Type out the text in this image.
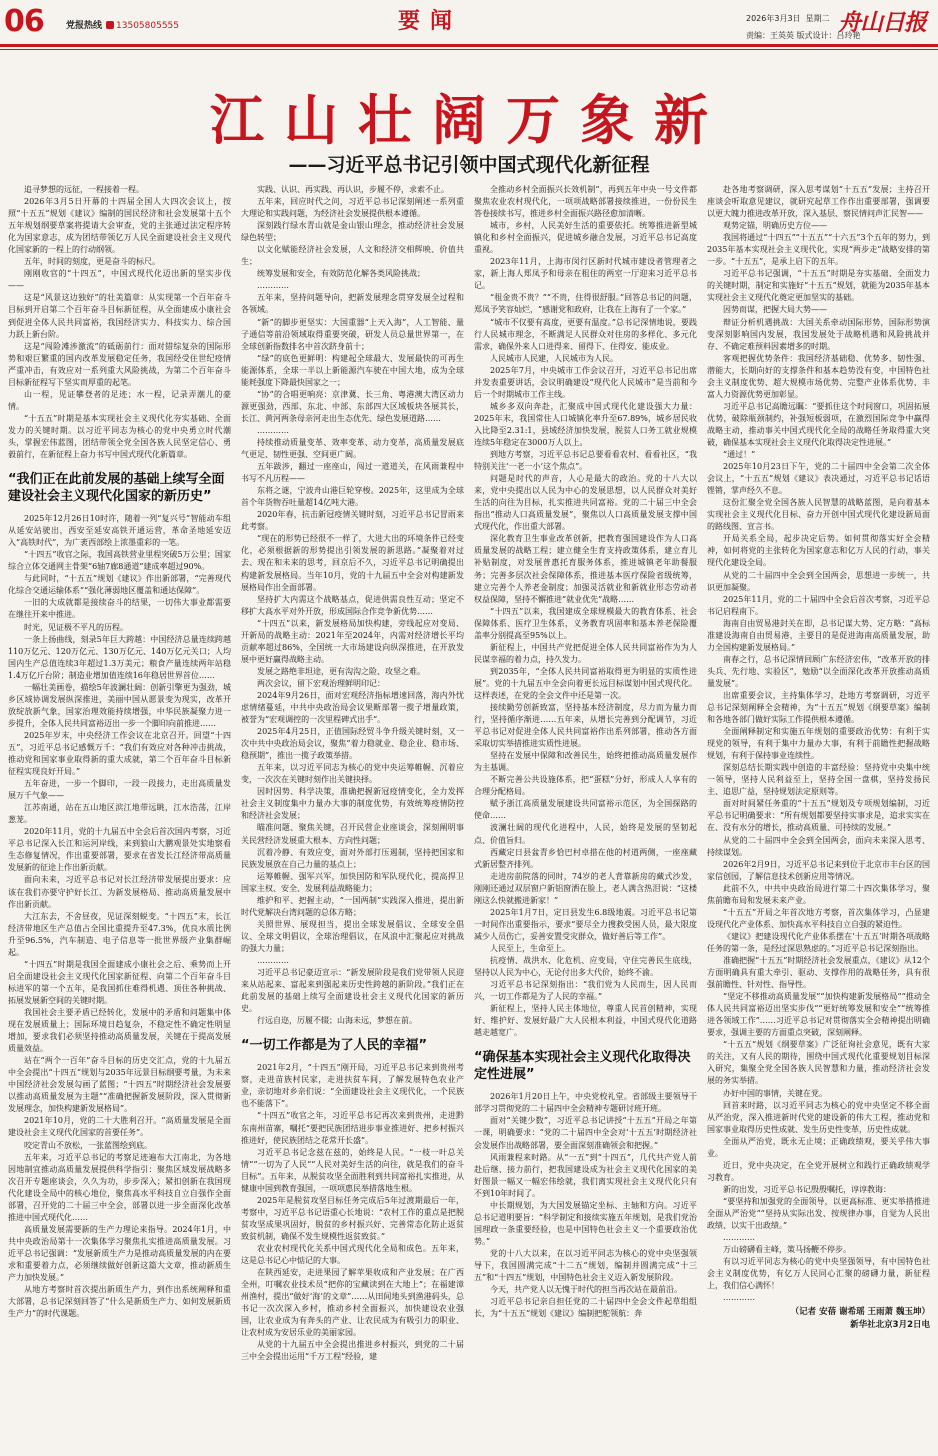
06 党报热线 13505805555	要闻	2026年3月3日 星期二
责编：王英英 版式设计：吕玲艳
舟山日报
江山壮阔万象新
——习近平总书记引领中国式现代化新征程

追寻梦想的远征，一程接着一程。

2026年3月5日开幕的十四届全国人大四次会议上，按照“十五五”规划《建议》编制的国民经济和社会发展第十五个五年规划纲要草案将提请大会审查，党的主张通过法定程序转化为国家意志，成为团结带领亿万人民全面建设社会主义现代化国家新的一程上的行动纲领。

五年，时间的刻度，更是奋斗的标尺。

刚刚收官的“十四五”，中国式现代化迈出新的坚实步伐——

这是“风景这边独好”的壮美篇章：从实现第一个百年奋斗目标到开启第二个百年奋斗目标新征程，从全面建成小康社会到促进全体人民共同富裕，我国经济实力、科技实力、综合国力跃上新台阶。

这是“闯险滩涉激流”的砥砺前行：面对错综复杂的国际形势和艰巨繁重的国内改革发展稳定任务，我国经受住世纪疫情严重冲击，有效应对一系列重大风险挑战，为第二个百年奋斗目标新征程写下坚实而厚重的起笔。

山一程，见证攀登者的足迹；水一程，记录弄潮儿的豪情。

“十五五”时期是基本实现社会主义现代化夯实基础、全面发力的关键时期。以习近平同志为核心的党中央勇立时代潮头，掌握宏伟蓝图，团结带领全党全国各族人民坚定信心、勇毅前行，在新征程上奋力书写中国式现代化新篇章。

“我们正在此前发展的基础上续写全面建设社会主义现代化国家的新历史”

2025年12月26日10时许，随着一列“复兴号”智能动车组从延安站驶出，西安至延安高铁开通运营，革命圣地延安迈入“高铁时代”，为广袤西部绘上浓墨重彩的一笔。

“十四五”收官之际，我国高铁营业里程突破5万公里；国家综合立体交通网主骨架“6轴7廊8通道”建成率超过90%。

与此同时，“十五五”规划《建议》作出新部署，“完善现代化综合交通运输体系”“强化薄弱地区覆盖和通达保障”。

一旧的大成就都是接续奋斗的结果，一切伟大事业都需要在继往开来中推进。

时光，见证极不平凡的历程。

一条上扬曲线，刻录5年巨大跨越：中国经济总量连续跨越110万亿元、120万亿元、130万亿元、140万亿元关口；人均国内生产总值连续3年超过1.3万美元；粮食产量连续两年站稳1.4万亿斤台阶；制造业增加值连续16年稳居世界首位……

一幅壮美画卷，描绘5年波澜壮阔：创新引擎更为强劲，城乡区域协调发展纵深推进，美丽中国从愿景变为现实，改革开放绽放新气象，国家治理效能持续增强，中华民族凝聚力进一步提升，全体人民共同富裕迈出一步一个脚印向前推进……

2025年岁末，中央经济工作会议在北京召开。回望“十四五”，习近平总书记感慨万千：“我们有效应对各种冲击挑战，推动党和国家事业取得新的重大成就，第二个百年奋斗目标新征程实现良好开局。”

五年奋进，一步一个脚印，一段一段接力，走出高质量发展万千气象——

江苏南通，站在五山地区滨江地带远眺，江水浩荡，江岸葱茏。

2020年11月，党的十九届五中全会后首次国内考察，习近平总书记深入长江和运河岸线，来到狼山大鹏观景处实地察看生态修复情况，作出重要部署，要求在省发长江经济带高质量发展新的征途上作出新贡献。

面向未来，习近平总书记对长江经济带发展提出要求：应该在我们亦要守护好长江、为新发展格局、推动高质量发展中作出新贡献。

大江东去，不舍昼夜，见证深刻蜕变。“十四五”末，长江经济带地区生产总值占全国比重提升至47.3%，优良水质比例升至96.5%，汽车制造、电子信息等一批世界级产业集群崛起。

“十四五”时期是我国全面建成小康社会之后、乘势而上开启全面建设社会主义现代化国家新征程、向第二个百年奋斗目标进军的第一个五年，是我国抓住难得机遇、顶住各种挑战、拓展发展新空间的关键时期。

我国社会主要矛盾已经转化，发展中的矛盾和问题集中体现在发展质量上；国际环境日趋复杂，不稳定性不确定性明显增加，要求我们必须坚持推动高质量发展，关键在于提高发展质量效益。

站在“两个一百年”奋斗目标的历史交汇点，党的十九届五中全会提出“十四五”规划与2035年远景目标纲要考量，为未来中国经济社会发展勾画了蓝图；“十四五”时期经济社会发展要以推动高质量发展为主题”“准确把握新发展阶段，深入贯彻新发展理念，加快构建新发展格局”。

2021年10月，党的二十大胜利召开。“高质量发展是全面建设社会主义现代化国家的首要任务”。

咬定青山不放松，一张蓝图绘到底。

五年来，习近平总书记的考察足迹遍布大江南北，为各地因地制宜推动高质量发展提供科学指引：聚焦区域发展战略多次召开专题座谈会，久久为功，步步深入；紧扣创新在我国现代化建设全局中的核心地位，聚焦高水平科技自立自强作全面部署，召开党的二十届三中全会，部署以进一步全面深化改革推进中国式现代化……

高质量发展需要新的生产力理论来指导。2024年1月，中共中央政治局第十一次集体学习聚焦扎实推进高质量发展。习近平总书记强调：“发展新质生产力是推动高质量发展的内在要求和重要着力点，必须继续做好创新这篇大文章，推动新质生产力加快发展。”

从地方考察时首次提出新质生产力，到作出系统阐释和重大部署，总书记深刻回答了“什么是新质生产力、如何发展新质生产力”的时代课题。

实践、认识、再实践、再认识，步履不停，求索不止。

五年来，回应时代之问，习近平总书记深刻阐述一系列重大理论和实践问题，为经济社会发展提供根本遵循。

深刻践行绿水青山就是金山银山理念，推动经济社会发展绿色转型；

以文化赋能经济社会发展，人文和经济交相辉映、价值共生；

统筹发展和安全，有效防范化解各类风险挑战；

…………

五年来，坚持问题导向，把新发展理念贯穿发展全过程和各领域。

“新”的脚步更坚实：大国重器“上天入海”，人工智能、量子通信等前沿领域取得重要突破，研发人员总量世界第一，在全球创新指数排名中首次跻身前十；

“绿”的底色更鲜明：构建起全球最大、发展最快的可再生能源体系，全球一半以上新能源汽车驶在中国大地，成为全球能耗强度下降最快国家之一；

“协”的合唱更响亮：京津冀、长三角、粤港澳大湾区动力源更强劲，西部、东北、中部、东部四大区域板块各展其长，长江、黄河两条母亲河走出生态优先、绿色发展道路……

…………

持续推动质量变革、效率变革、动力变革，高质量发展底气更足、韧性更强、空间更广阔。

五年跋涉，翻过一座座山，闯过一道道关，在风雨兼程中书写不凡历程——

东将之谜，宁波舟山港巨轮穿梭。2025年，这里成为全球首个年货物吞吐量超14亿吨大港。

2020年春，抗击新冠疫情关键时刻，习近平总书记冒雨来此考察。

“现在的形势已经很不一样了，大进大出的环境条件已经变化，必须根据新的形势提出引领发展的新思路。”凝聚着对过去、现在和未来的思考，回京后不久，习近平总书记明确提出构建新发展格局。当年10月，党的十九届五中全会对构建新发展格局作出全面部署。

坚持扩大内需这个战略基点，促进供需良性互动；坚定不移扩大高水平对外开放，形成国际合作竞争新优势……

“十四五”以来，新发展格局加快构建，旁线起应对变局、开新局的战略主动：2021年至2024年，内需对经济增长平均贡献率超过86%，全国统一大市场建设向纵深推进，在开放发展中更好赢得战略主动。

发展之路绝非坦途，更有沟沟之险、攻坚之难。

两次会议，留下宏观治理鲜明印记：

2024年9月26日，面对宏观经济指标增速回落，海内外忧虑情绪蔓延，中共中央政治局会议果断部署一揽子增量政策，被誉为“宏观调控的一次里程碑式出手”。

2025年4月25日，正值国际经贸斗争升级关键时刻，又一次中共中央政治局会议，聚焦“着力稳就业、稳企业、稳市场、稳预期”，推出一揽子政策举措。

五年来，以习近平同志为核心的党中央运筹帷幄、沉着应变，一次次在关键时刻作出关键抉择。

因时因势、科学决策，准确把握新冠疫情变化，全力发挥社会主义制度集中力量办大事的制度优势，有效统筹疫情防控和经济社会发展；

瞄准问题、聚焦关键，召开民营企业座谈会，深刻阐明事关民营经济发展重大根本、方向性问题；

沉着冷静、有效应变，面对外部打压遏制，坚持把国家和民族发展放在自己力量的基点上；

运筹帷幄、强军兴军，加快国防和军队现代化，提高捍卫国家主权、安全、发展利益战略能力；

维护和平、把握主动，“一国两制”实践深入推进，提出新时代党解决台湾问题的总体方略；

关照世界、展现担当，提出全球发展倡议、全球安全倡议、全球文明倡议，全球治理倡议，在风浪中汇聚起应对挑战的强大力量；

…………

习近平总书记豪迈宣示：“新发展阶段是我们党带领人民迎来从站起来、富起来到强起来历史性跨越的新阶段。”我们正在此前发展的基础上续写全面建设社会主义现代化国家的新历史。

行远自迩，厉履不辍；山海未远，梦想在前。

“一切工作都是为了人民的幸福”

2021年2月，“十四五”刚开局，习近平总书记来到贵州考察，走进苗族村民家，走进扶贫车间，了解发展特色农业产业，亲切地对乡亲们说：“全面建设社会主义现代化，一个民族也不能落下”。

“十四五”收官之年，习近平总书记再次来到贵州，走进黔东南州苗寨，嘱托“要把民族团结进步事业推进好、把乡村振兴推进好，使民族团结之花常开长盛”。

习近平总书记念兹在兹的，始终是人民。“一枝一叶总关情”“一切为了人民”“人民对美好生活的向往，就是我们的奋斗目标”。五年来，从脱贫攻坚全面胜利到共同富裕扎实推进，从健康中国到教育强国，一项项惠民举措落地生根。

2025年是脱贫攻坚目标任务完成后5年过渡期最后一年，考察中，习近平总书记语重心长地说：“农村工作的重点是把脱贫攻坚成果巩固好，脱贫的乡村振兴好、完善常态化防止返贫致贫机制，确保不发生规模性返贫致贫。”

农业农村现代化关系中国式现代化全局和成色。五年来，这是总书记心中惦记的大事。

在陕西延安，走进果园了解苹果收成和产业发展；在广西全州，叮嘱农业技术员“把你的宝藏读到在大地上”；在福建漳州渔村，提出“做好‘海’的文章”……从田间地头到渔港码头，总书记一次次深入乡村，推动乡村全面振兴，加快建设农业强国，让农业成为有奔头的产业、让农民成为有吸引力的职业、让农村成为安居乐业的美丽家园。

从党的十九届五中全会提出推进乡村振兴，到党的二十届三中全会提出运用“千万工程”经验，建

全推动乡村全面振兴长效机制”，再到五年中央一号文件都聚焦农业农村现代化，一项项战略部署接续推进，一份份民生答卷接续书写，推进乡村全面振兴路径愈加清晰。

城市，乡村，人民美好生活的重要依托。统筹推进新型城镇化和乡村全面振兴，促进城乡融合发展，习近平总书记高度重视。

2023年11月，上海市闵行区新时代城市建设者管理者之家，新上海人郑凤予和母亲在租住的两室一厅迎来习近平总书记。

“租金贵不贵？”“不贵，住得很舒服。”回答总书记的问题，郑凤予笑容灿烂，“感谢党和政府，让我在上海有了一个家。”

“城市不仅要有高度，更要有温度。”总书记深情地说，要践行人民城市理念，不断满足人民群众对住房的多样化、多元化需求，确保外来人口进得来、留得下、住得安、能成业。

人民城市人民建，人民城市为人民。

2025年7月，中央城市工作会议召开，习近平总书记出席并发表重要讲话，会议明确建设“现代化人民城市”是当前和今后一个时期城市工作主线。

城乡多双向奔赴，汇聚成中国式现代化建设强大力量：2025年末，我国常住人口城镇化率升至67.89%，城乡居民收入比降至2.31:1，县域经济加快发展，脱贫人口务工就业规模连续5年稳定在3000万人以上。

到地方考察，习近平总书记总要看看农村、看看社区，“我特别关注‘一老一小’这个焦点”。

问题是时代的声音，人心是最大的政治。党的十八大以来，党中央提出以人民为中心的发展思想，以人民群众对美好生活的向往为目标，扎实推进共同富裕。党的二十届三中全会指出“推动人口高质量发展”，聚焦以人口高质量发展支撑中国式现代化，作出重大部署。

深化教育卫生事业改革创新，把教育强国建设作为人口高质量发展的战略工程；建立健全生育支持政策体系，建立育儿补贴制度，对发展普惠托育服务体系，推进城镇老年助餐服务；完善多层次社会保障体系，推进基本医疗保险省级统筹，建立完善个人养老金制度；加强灵活就业和新就业形态劳动者权益保障，坚持不懈推进“就业优先”战略……

“十四五”以来，我国建成全球规模最大的教育体系、社会保障体系、医疗卫生体系，义务教育巩固率和基本养老保险覆盖率分别提高至95%以上。

新征程上，中国共产党把促进全体人民共同富裕作为为人民谋幸福的着力点，持久发力。

到2035年，“全体人民共同富裕取得更为明显的实质性进展”。党的十九届五中全会向着更长远目标谋划中国式现代化。这样表述，在党的全会文件中还是第一次。

接续勤劳创新致富，坚持基本经济制度，尽力而为量力而行，坚持循序渐进……五年来，从增长完善到分配调节，习近平总书记对促进全体人民共同富裕作出系列部署，推动各方面采取切实举措推进实质性进展。

坚持在发展中保障和改善民生，始终把推动高质量发展作为主基调。

不断完善公共设施体系，把“蛋糕”分好，形成人人享有的合理分配格局。

赋予浙江高质量发展建设共同富裕示范区，为全国探路的使命……

波澜壮阔的现代化进程中，人民，始终是发展的坚韧起点、价值旨归。

西藏定日县盆青乡恰巴村卓措在他的村道两侧，一座座藏式新居整齐排列。

走进房前院落的同时，74岁的老人背靠新房的藏式沙发，刚刚还通过双层窗户新铝窗洒在脸上，老人满含热泪说：“这楼刚这么快就搬进新家！”

2025年1月7日，定日县发生6.8级地震。习近平总书记第一时间作出重要指示，要求“要尽全力搜救受困人员，最大限度减少人员伤亡，妥善安置受灾群众，做好善后等工作”。

人民至上，生命至上。

抗疫情、战洪水、化危机、应变局，守住完善民生底线，坚持以人民为中心，无论付出多大代价，始终不渝。

习近平总书记深刻指出：“我们党为人民而生，因人民而兴，一切工作都是为了人民的幸福。”

新征程上，坚持人民主体地位，尊重人民首创精神，实现好、维护好、发展好最广大人民根本利益，中国式现代化道路越走越宽广。

“确保基本实现社会主义现代化取得决定性进展”

2026年1月20日上午，中央党校礼堂。省部级主要领导干部学习贯彻党的二十届四中全会精神专题研讨班开班。

面对“关键少数”，习近平总书记讲授“十五五”开局之年第一课，明确要求：“党的二十届四中全会对‘十五五’时期经济社会发展作出战略部署，要全面深刻准确领会和把握。”

风雨兼程来时路。从“一五”到“十四五”，几代共产党人前赴后继、接力前行，把我国建设成为社会主义现代化国家的美好图景一幅又一幅宏伟绘就，我们离实现社会主义现代化只有不到10年时间了。

中长期规划，为大国发展锚定坐标、主轴和方向。习近平总书记道明要旨：“科学制定和接续实施五年规划，是我们党治国理政一条重要经验，也是中国特色社会主义一个重要政治优势。”

党的十八大以来，在以习近平同志为核心的党中央坚强领导下，我国圆满完成“十二五”规划，编制并圆满完成“十三五”和“十四五”规划，中国特色社会主义迈入新发展阶段。

今天，共产党人以无愧于时代的担当再次站在最前沿。

习近平总书记亲自担任党的二十届四中全会文件起草组组长，为“十五五”规划《建议》编制把舵领航：奔

赴各地考察调研，深入思考谋划“十五五”发展；主持召开座谈会听取意见建议，就研究起草工作作出重要部署，强调要以更大魄力推进改革开放，深入基层、察民情问声汇民智——

观势定锚，明确历史方位——

我国将通过“十四五”“十五五”“十六五”3个五年的努力，到2035年基本实现社会主义现代化，实现“两步走”战略安排的第一步。“十五五”，是承上启下的五年。

习近平总书记强调，“十五五”时期是夯实基础、全面发力的关键时期，制定和实施好“十五五”规划，就能为2035年基本实现社会主义现代化奠定更加坚实的基础。

因势而谋，把握大局大势——

辩证分析机遇挑战：大国关系牵动国际形势，国际形势演变深刻影响国内发展，我国发展处于战略机遇和风险挑战并存、不确定难预料因素增多的时期。

客观把握优势条件：我国经济基础稳、优势多、韧性强、潜能大，长期向好的支撑条件和基本趋势没有变，中国特色社会主义制度优势、超大规模市场优势、完整产业体系优势、丰富人力资源优势更加彰显。

习近平总书记高瞻远瞩：“要抓住这个时间窗口，巩固拓展优势，破除瓶颈制约，补强短板弱项，在激烈国际竞争中赢得战略主动，推动事关中国式现代化全局的战略任务取得重大突破，确保基本实现社会主义现代化取得决定性进展。”

“通过！”

2025年10月23日下午，党的二十届四中全会第二次全体会议上，“十五五”规划《建议》表决通过，习近平总书记话语铿锵，掌声经久不息。

这份汇聚全党全国各族人民智慧的战略蓝图，是向着基本实现社会主义现代化目标、奋力开创中国式现代化建设新局面的路线图、宣言书。

开局关系全局，起步决定后势。如何贯彻落实好全会精神，如何将党的主张转化为国家意志和亿万人民的行动，事关现代化建设全局。

从党的二十届四中全会到全国两会，思想进一步统一，共识更加凝聚。

2025年11月，党的二十届四中全会后首次考察，习近平总书记启程南下。

海南自由贸易港封关在即，总书记谋大势、定方略：“高标准建设海南自由贸易港，主要目的是促进海南高质量发展，助力全国构建新发展格局。”

南春之行，总书记深情回顾广东经济宏伟，“改革开放的排头兵、先行地、实验区”，勉励“以全面深化改革开放推动高质量发展”。

出席重要会议，主持集体学习，赴地方考察调研，习近平总书记深刻阐释全会精神，为“十五五”规划《纲要草案》编制和各地各部门做好实际工作提供根本遵循。

全面阐释制定和实施五年规划的重要政治优势：有利于实现党的领导，有利于集中力量办大事，有利于前瞻性把握战略规划，有利于保持事业连续性。

深刻总结长期实践中创造的丰富经验：坚持党中央集中统一领导，坚持人民利益至上，坚持全国一盘棋，坚持发扬民主、追思广益，坚持规划法定原则等。

面对时间紧任务重的“十五五”规划及专项规划编制，习近平总书记明确要求：“所有规划都要坚持实事求是，追求实实在在、没有水分的增长，推动高质量、可持续的发展。”

从党的二十届四中全会到全国两会，面向未来深入思考、持续谋划。

2026年2月9日，习近平总书记来到位于北京市丰台区的国家信创园，了解信息技术创新应用等情况。

此前不久，中共中央政治局进行第二十四次集体学习，聚焦前瞻布局和发展未来产业。

“十五五”开局之年首次地方考察，首次集体学习，凸显建设现代化产业体系、加快高水平科技自立自强的紧迫性。

《建议》把建设现代化产业体系摆在‘十五五’时期各项战略任务的第一条，是经过深思熟虑的。”习近平总书记深刻指出。

准确把握“十五五”时期经济社会发展重点，《建议》从12个方面明确具有重大牵引、驱动、支撑作用的战略任务，具有很强前瞻性、针对性、指导性。

“坚定不移推动高质量发展”“加快构建新发展格局”“推动全体人民共同富裕迈出坚实步伐”“更好统筹发展和安全”“统筹推进各领域工作”……习近平总书记对贯彻落实全会精神提出明确要求，强调主要的方面重点突破，深刻阐释。

“十五五”规划《纲要草案》广泛征询社会意见，既有大家的关注，又有人民的期待，围绕中国式现代化重要规划目标深入研究，集聚全党全国各族人民智慧和力量，推动经济社会发展的务实举措。

办好中国的事情，关键在党。

回首来时路，以习近平同志为核心的党中央坚定不移全面从严治党，深入推进新时代党的建设新的伟大工程，推动党和国家事业取得历史性成就、发生历史性变革，历史性成就。

全面从严治党，既永无止境；正确政绩观，要关乎伟大事业。

近日，党中央决定，在全党开展树立和践行正确政绩观学习教育。

新的出发，习近平总书记殷殷嘱托，谆谆教诲：

“要坚持和加强党的全面领导，以更高标准、更实举措推进全面从严治党”“坚持从实际出发、按规律办事，自觉为人民出政绩、以实干出政绩。”

…………

万山磅礴看主峰，策马扬鞭不停步。

有以习近平同志为核心的党中央坚强领导，有中国特色社会主义制度优势，有亿万人民同心汇聚的磅礴力量，新征程上，我们信心满怀！

…………

（记者 安蓓 谢希瑶 王雨萧 魏玉坤）
新华社北京3月2日电
